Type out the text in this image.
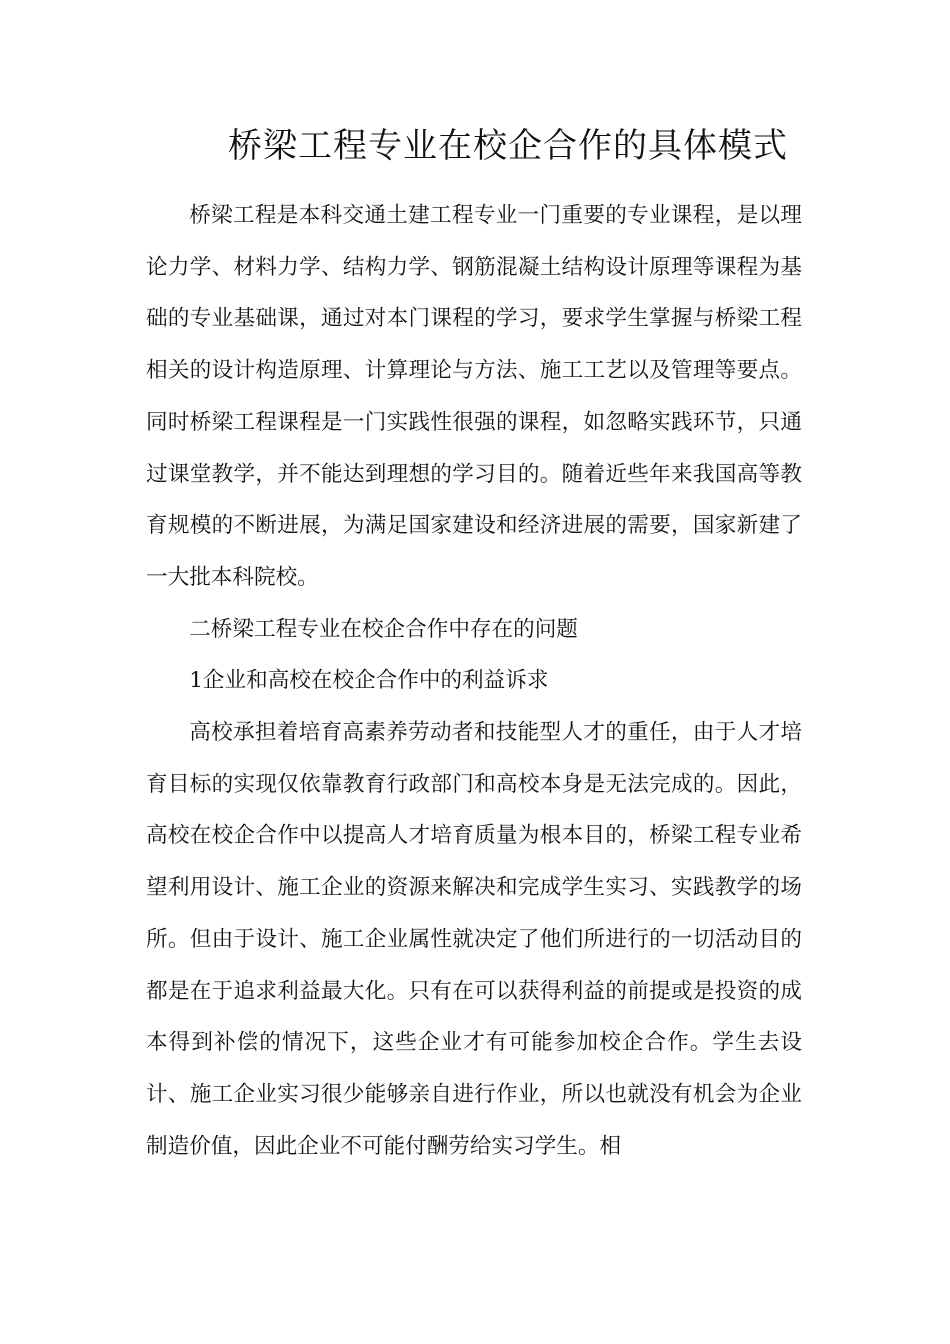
桥梁工程专业在校企合作的具体模式

桥梁工程是本科交通土建工程专业一门重要的专业课程，是以理论力学、材料力学、结构力学、钢筋混凝土结构设计原理等课程为基础的专业基础课，通过对本门课程的学习，要求学生掌握与桥梁工程相关的设计构造原理、计算理论与方法、施工工艺以及管理等要点。同时桥梁工程课程是一门实践性很强的课程，如忽略实践环节，只通过课堂教学，并不能达到理想的学习目的。随着近些年来我国高等教育规模的不断进展，为满足国家建设和经济进展的需要，国家新建了一大批本科院校。

二桥梁工程专业在校企合作中存在的问题

1企业和高校在校企合作中的利益诉求

高校承担着培育高素养劳动者和技能型人才的重任，由于人才培育目标的实现仅依靠教育行政部门和高校本身是无法完成的。因此，高校在校企合作中以提高人才培育质量为根本目的，桥梁工程专业希望利用设计、施工企业的资源来解决和完成学生实习、实践教学的场所。但由于设计、施工企业属性就决定了他们所进行的一切活动目的都是在于追求利益最大化。只有在可以获得利益的前提或是投资的成本得到补偿的情况下，这些企业才有可能参加校企合作。学生去设计、施工企业实习很少能够亲自进行作业，所以也就没有机会为企业制造价值，因此企业不可能付酬劳给实习学生。相
